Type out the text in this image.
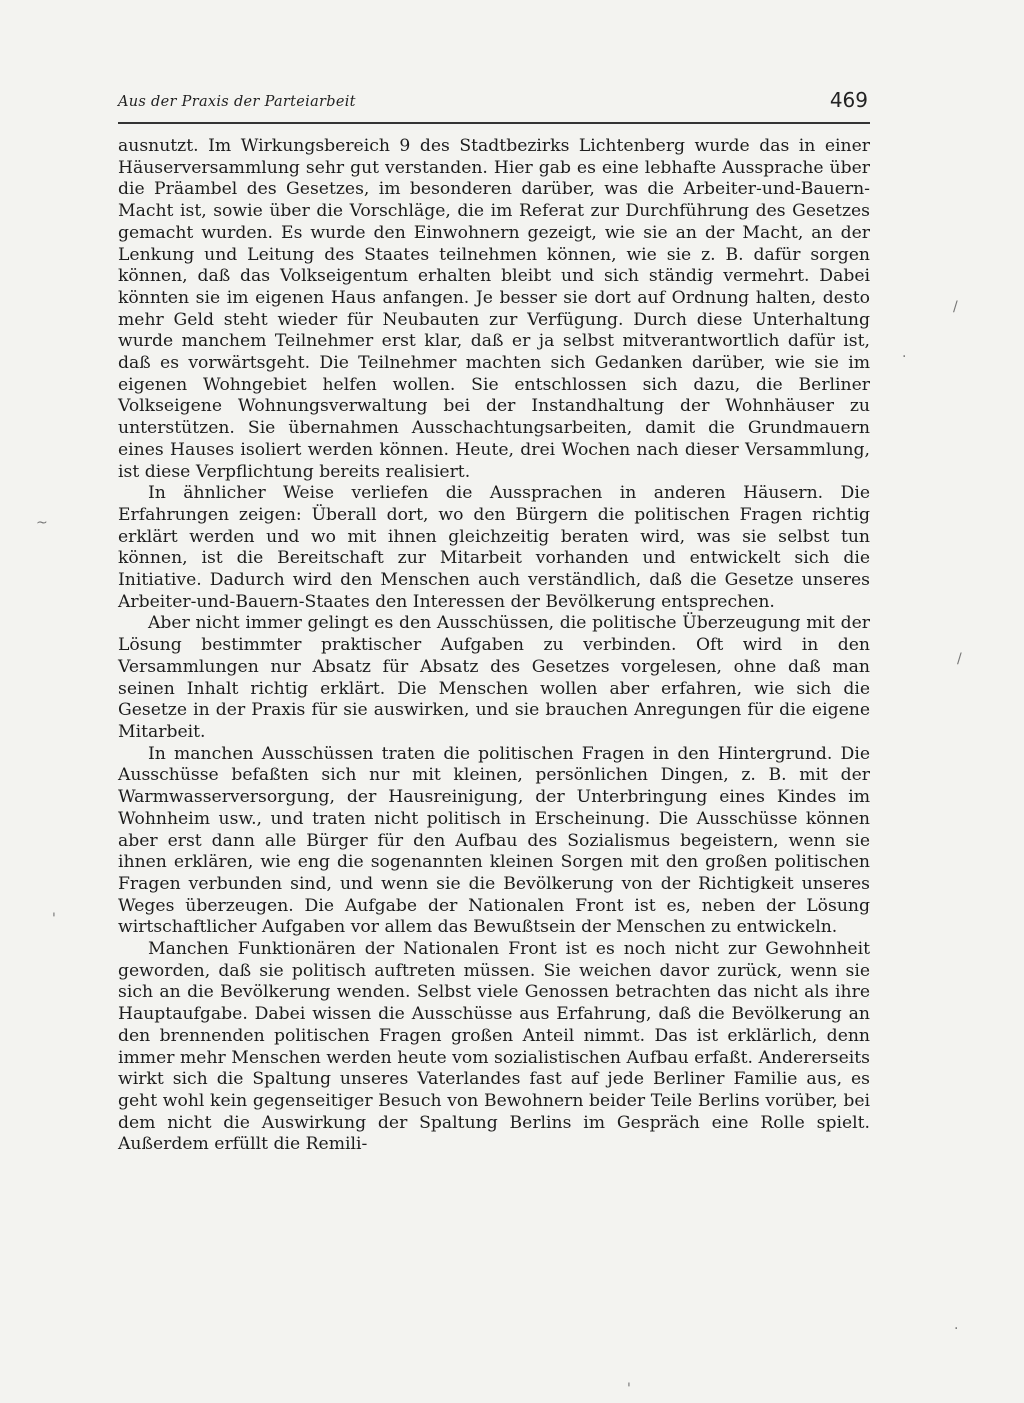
Aus der Praxis der Parteiarbeit	469

ausnutzt. Im Wirkungsbereich 9 des Stadtbezirks Lichtenberg wurde das in einer Häuserversammlung sehr gut verstanden. Hier gab es eine lebhafte Aussprache über die Präambel des Gesetzes, im besonderen darüber, was die Arbeiter-und-Bauern-Macht ist, sowie über die Vorschläge, die im Referat zur Durchführung des Gesetzes gemacht wurden. Es wurde den Einwohnern gezeigt, wie sie an der Macht, an der Lenkung und Leitung des Staates teilnehmen können, wie sie z. B. dafür sorgen können, daß das Volkseigentum erhalten bleibt und sich ständig vermehrt. Dabei könnten sie im eigenen Haus anfangen. Je besser sie dort auf Ordnung halten, desto mehr Geld steht wieder für Neubauten zur Verfügung. Durch diese Unterhaltung wurde manchem Teilnehmer erst klar, daß er ja selbst mitverantwortlich dafür ist, daß es vorwärtsgeht. Die Teilnehmer machten sich Gedanken darüber, wie sie im eigenen Wohngebiet helfen wollen. Sie entschlossen sich dazu, die Berliner Volkseigene Wohnungsverwaltung bei der Instandhaltung der Wohnhäuser zu unterstützen. Sie übernahmen Ausschachtungsarbeiten, damit die Grundmauern eines Hauses isoliert werden können. Heute, drei Wochen nach dieser Versammlung, ist diese Verpflichtung bereits realisiert.

In ähnlicher Weise verliefen die Aussprachen in anderen Häusern. Die Erfahrungen zeigen: Überall dort, wo den Bürgern die politischen Fragen richtig erklärt werden und wo mit ihnen gleichzeitig beraten wird, was sie selbst tun können, ist die Bereitschaft zur Mitarbeit vorhanden und entwickelt sich die Initiative. Dadurch wird den Menschen auch verständlich, daß die Gesetze unseres Arbeiter-und-Bauern-Staates den Interessen der Bevölkerung entsprechen.

Aber nicht immer gelingt es den Ausschüssen, die politische Überzeugung mit der Lösung bestimmter praktischer Aufgaben zu verbinden. Oft wird in den Versammlungen nur Absatz für Absatz des Gesetzes vorgelesen, ohne daß man seinen Inhalt richtig erklärt. Die Menschen wollen aber erfahren, wie sich die Gesetze in der Praxis für sie auswirken, und sie brauchen Anregungen für die eigene Mitarbeit.

In manchen Ausschüssen traten die politischen Fragen in den Hintergrund. Die Ausschüsse befaßten sich nur mit kleinen, persönlichen Dingen, z. B. mit der Warmwasserversorgung, der Hausreinigung, der Unterbringung eines Kindes im Wohnheim usw., und traten nicht politisch in Erscheinung. Die Ausschüsse können aber erst dann alle Bürger für den Aufbau des Sozialismus begeistern, wenn sie ihnen erklären, wie eng die sogenannten kleinen Sorgen mit den großen politischen Fragen verbunden sind, und wenn sie die Bevölkerung von der Richtigkeit unseres Weges überzeugen. Die Aufgabe der Nationalen Front ist es, neben der Lösung wirtschaftlicher Aufgaben vor allem das Bewußtsein der Menschen zu entwickeln.

Manchen Funktionären der Nationalen Front ist es noch nicht zur Gewohnheit geworden, daß sie politisch auftreten müssen. Sie weichen davor zurück, wenn sie sich an die Bevölkerung wenden. Selbst viele Genossen betrachten das nicht als ihre Hauptaufgabe. Dabei wissen die Ausschüsse aus Erfahrung, daß die Bevölkerung an den brennenden politischen Fragen großen Anteil nimmt. Das ist erklärlich, denn immer mehr Menschen werden heute vom sozialistischen Aufbau erfaßt. Andererseits wirkt sich die Spaltung unseres Vaterlandes fast auf jede Berliner Familie aus, es geht wohl kein gegenseitiger Besuch von Bewohnern beider Teile Berlins vorüber, bei dem nicht die Auswirkung der Spaltung Berlins im Gespräch eine Rolle spielt. Außerdem erfüllt die Remili-

/
·
~
/
'
·
'
